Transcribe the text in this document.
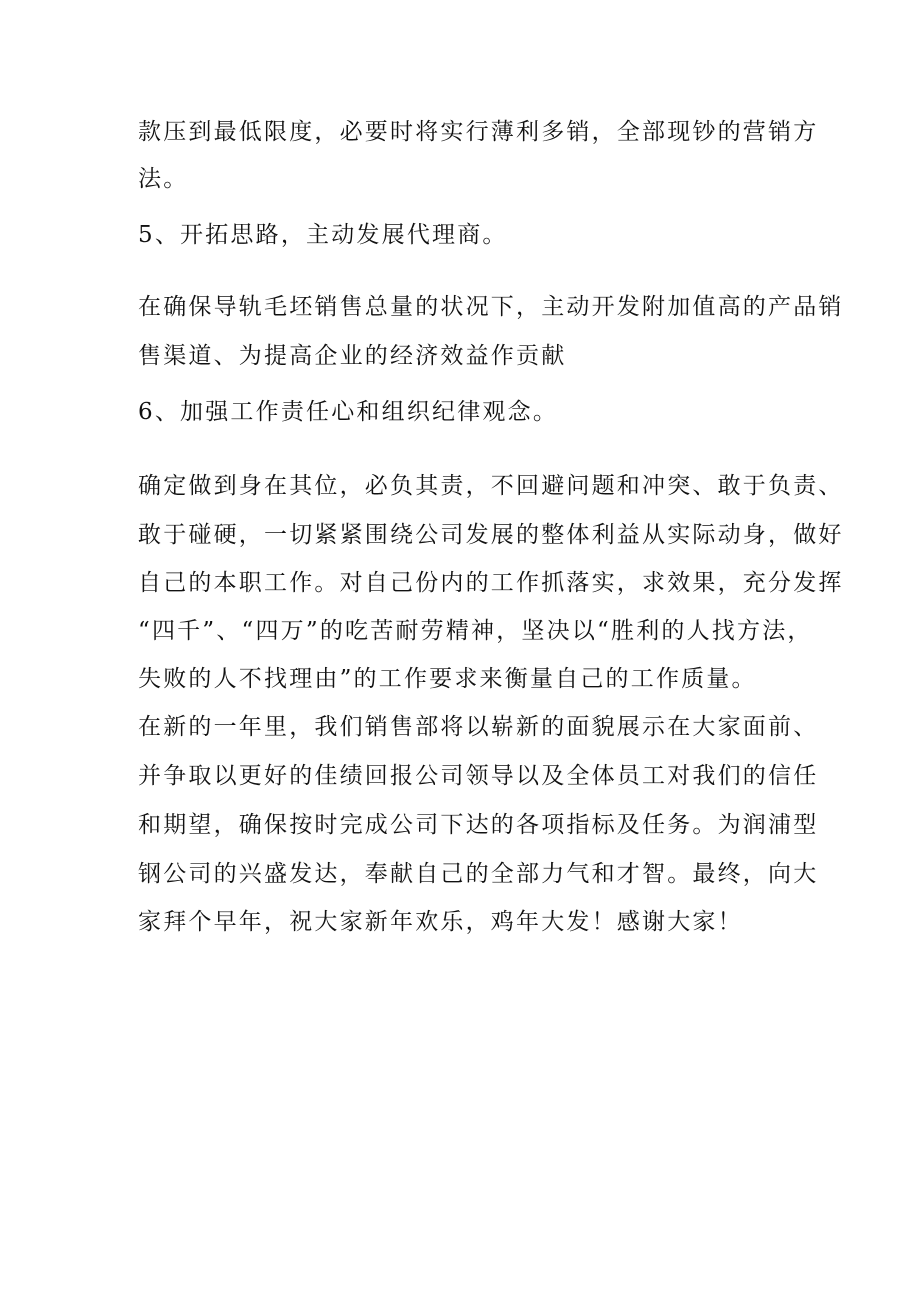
款压到最低限度，必要时将实行薄利多销，全部现钞的营销方

法。

5、开拓思路，主动发展代理商。

在确保导轨毛坯销售总量的状况下，主动开发附加值高的产品销

售渠道、为提高企业的经济效益作贡献

6、加强工作责任心和组织纪律观念。

确定做到身在其位，必负其责，不回避问题和冲突、敢于负责、

敢于碰硬，一切紧紧围绕公司发展的整体利益从实际动身，做好

自己的本职工作。对自己份内的工作抓落实，求效果，充分发挥

“四千”、“四万”的吃苦耐劳精神，坚决以“胜利的人找方法，

失败的人不找理由”的工作要求来衡量自己的工作质量。

在新的一年里，我们销售部将以崭新的面貌展示在大家面前、

并争取以更好的佳绩回报公司领导以及全体员工对我们的信任

和期望，确保按时完成公司下达的各项指标及任务。为润浦型

钢公司的兴盛发达，奉献自己的全部力气和才智。最终，向大

家拜个早年，祝大家新年欢乐，鸡年大发！感谢大家！
